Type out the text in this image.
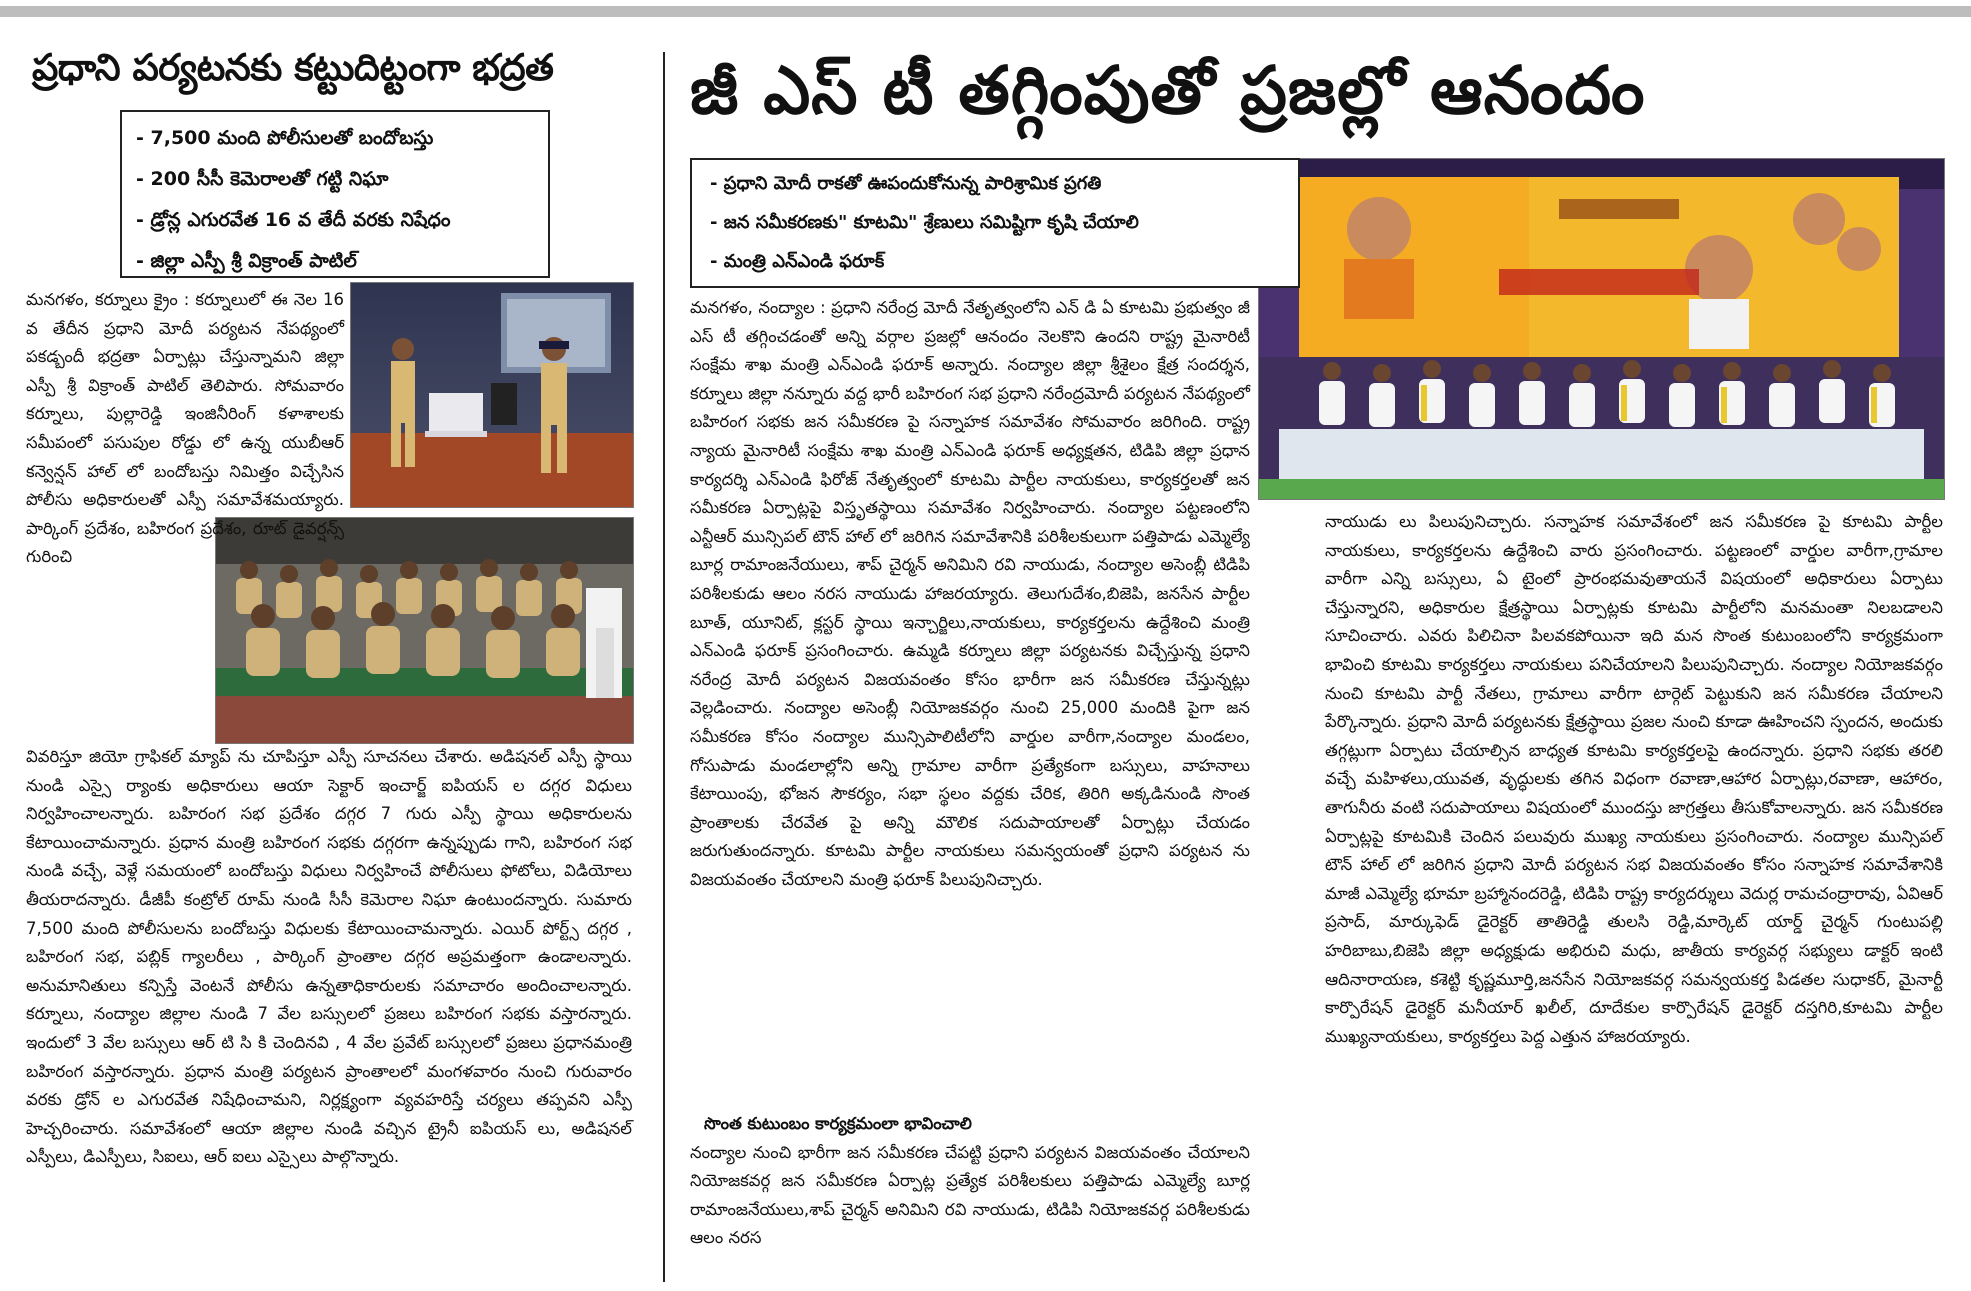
ప్రధాని పర్యటనకు కట్టుదిట్టంగా భద్రత
- 7,500 మంది పోలీసులతో బందోబస్తు
- 200 సీసీ కెమెరాలతో గట్టి నిఘా
- డ్రోన్ల ఎగురవేత 16 వ తేదీ వరకు నిషేధం
- జిల్లా ఎస్పీ శ్రీ విక్రాంత్ పాటిల్

మనగళం, కర్నూలు క్రైం : కర్నూలులో ఈ నెల 16 వ తేదీన ప్రధాని మోదీ పర్యటన నేపథ్యంలో పకడ్బందీ భద్రతా ఏర్పాట్లు చేస్తున్నామని జిల్లా ఎస్పీ శ్రీ విక్రాంత్ పాటిల్ తెలిపారు. సోమవారం కర్నూలు, పుల్లారెడ్డి ఇంజినీరింగ్ కళాశాలకు సమీపంలో పసుపుల రోడ్డు లో ఉన్న యుబీఆర్ కన్వెన్షన్ హాల్ లో బందోబస్తు నిమిత్తం విచ్చేసిన పోలీసు అధికారులతో ఎస్పీ సమావేశమయ్యారు. పార్కింగ్ ప్రదేశం, బహిరంగ ప్రదేశం, రూట్ డైవర్షన్స్ గురించి

వివరిస్తూ జియో గ్రాఫికల్ మ్యాప్ ను చూపిస్తూ ఎస్పీ సూచనలు చేశారు. అడిషనల్ ఎస్పీ స్థాయి నుండి ఎస్సై ర్యాంకు అధికారులు ఆయా సెక్టార్ ఇంచార్జ్ ఐపియస్ ల దగ్గర విధులు నిర్వహించాలన్నారు. బహిరంగ సభ ప్రదేశం దగ్గర 7 గురు ఎస్పీ స్థాయి అధికారులను కేటాయించామన్నారు. ప్రధాన మంత్రి బహిరంగ సభకు దగ్గరగా ఉన్నప్పుడు గాని, బహిరంగ సభ నుండి వచ్చే, వెళ్లే సమయంలో బందోబస్తు విధులు నిర్వహించే పోలీసులు ఫోటోలు, విడియోలు తీయరాదన్నారు. డీజీపీ కంట్రోల్ రూమ్ నుండి సీసీ కెమెరాల నిఘా ఉంటుందన్నారు. సుమారు 7,500 మంది పోలీసులను బందోబస్తు విధులకు కేటాయించామన్నారు. ఎయిర్ పోర్ట్స్ దగ్గర , బహిరంగ సభ, పబ్లిక్ గ్యాలరీలు , పార్కింగ్ ప్రాంతాల దగ్గర అప్రమత్తంగా ఉండాలన్నారు. అనుమానితులు కన్పిస్తే వెంటనే పోలీసు ఉన్నతాధికారులకు సమాచారం అందించాలన్నారు. కర్నూలు, నంద్యాల జిల్లాల నుండి 7 వేల బస్సులలో ప్రజలు బహిరంగ సభకు వస్తారన్నారు. ఇందులో 3 వేల బస్సులు ఆర్ టి సి కి చెందినవి , 4 వేల ప్రవేట్ బస్సులలో ప్రజలు ప్రధానమంత్రి బహిరంగ వస్తారన్నారు. ప్రధాన మంత్రి పర్యటన ప్రాంతాలలో మంగళవారం నుంచి గురువారం వరకు డ్రోన్ ల ఎగురవేత నిషేధించామని, నిర్లక్ష్యంగా వ్యవహరిస్తే చర్యలు తప్పవని ఎస్పీ హెచ్చరించారు. సమావేశంలో ఆయా జిల్లాల నుండి వచ్చిన ట్రైనీ ఐపియస్ లు, అడిషనల్ ఎస్పీలు, డిఎస్పీలు, సిఐలు, ఆర్ ఐలు ఎస్సైలు పాల్గొన్నారు.

జీ ఎస్ టీ తగ్గింపుతో ప్రజల్లో ఆనందం
- ప్రధాని మోదీ రాకతో ఊపందుకోనున్న పారిశ్రామిక ప్రగతి
- జన సమీకరణకు" కూటమి" శ్రేణులు సమిష్టిగా కృషి చేయాలి
- మంత్రి ఎన్ఎండి ఫరూక్

మనగళం, నంద్యాల : ప్రధాని నరేంద్ర మోదీ నేతృత్వంలోని ఎన్ డి ఏ కూటమి ప్రభుత్వం జీ ఎస్ టీ తగ్గించడంతో అన్ని వర్గాల ప్రజల్లో ఆనందం నెలకొని ఉందని రాష్ట్ర మైనారిటీ సంక్షేమ శాఖ మంత్రి ఎన్ఎండి ఫరూక్ అన్నారు. నంద్యాల జిల్లా శ్రీశైలం క్షేత్ర సందర్శన, కర్నూలు జిల్లా నన్నూరు వద్ద భారీ బహిరంగ సభ ప్రధాని నరేంద్రమోదీ పర్యటన నేపథ్యంలో బహిరంగ సభకు జన సమీకరణ పై సన్నాహక సమావేశం సోమవారం జరిగింది. రాష్ట్ర న్యాయ మైనారిటీ సంక్షేమ శాఖ మంత్రి ఎన్ఎండి ఫరూక్ అధ్యక్షతన, టిడిపి జిల్లా ప్రధాన కార్యదర్శి ఎన్ఎండి ఫిరోజ్ నేతృత్వంలో కూటమి పార్టీల నాయకులు, కార్యకర్తలతో జన సమీకరణ ఏర్పాట్లపై విస్తృతస్థాయి సమావేశం నిర్వహించారు. నంద్యాల పట్టణంలోని ఎన్టీఆర్ మున్సిపల్ టౌన్ హాల్ లో జరిగిన సమావేశానికి పరిశీలకులుగా పత్తిపాడు ఎమ్మెల్యే బూర్ల రామాంజనేయులు, శాప్ చైర్మన్ అనిమిని రవి నాయుడు, నంద్యాల అసెంబ్లీ టిడిపి పరిశీలకుడు ఆలం నరస నాయుడు హాజరయ్యారు. తెలుగుదేశం,బిజెపి, జనసేన పార్టీల బూత్, యూనిట్, క్లస్టర్ స్థాయి ఇన్చార్జిలు,నాయకులు, కార్యకర్తలను ఉద్దేశించి మంత్రి ఎన్ఎండి ఫరూక్ ప్రసంగించారు. ఉమ్మడి కర్నూలు జిల్లా పర్యటనకు విచ్చేస్తున్న ప్రధాని నరేంద్ర మోదీ పర్యటన విజయవంతం కోసం భారీగా జన సమీకరణ చేస్తున్నట్లు వెల్లడించారు. నంద్యాల అసెంబ్లీ నియోజకవర్గం నుంచి 25,000 మందికి పైగా జన సమీకరణ కోసం నంద్యాల మున్సిపాలిటీలోని వార్డుల వారీగా,నంద్యాల మండలం, గోసుపాడు మండలాల్లోని అన్ని గ్రామాల వారీగా ప్రత్యేకంగా బస్సులు, వాహనాలు కేటాయింపు, భోజన సౌకర్యం, సభా స్థలం వద్దకు చేరిక, తిరిగి అక్కడినుండి సొంత ప్రాంతాలకు చేరవేత పై అన్ని మౌలిక సదుపాయాలతో ఏర్పాట్లు చేయడం జరుగుతుందన్నారు. కూటమి పార్టీల నాయకులు సమన్వయంతో ప్రధాని పర్యటన ను విజయవంతం చేయాలని మంత్రి ఫరూక్ పిలుపునిచ్చారు.

సొంత కుటుంబం కార్యక్రమంలా భావించాలి

నంద్యాల నుంచి భారీగా జన సమీకరణ చేపట్టి ప్రధాని పర్యటన విజయవంతం చేయాలని నియోజకవర్గ జన సమీకరణ ఏర్పాట్ల ప్రత్యేక పరిశీలకులు పత్తిపాడు ఎమ్మెల్యే బూర్ల రామాంజనేయులు,శాప్ చైర్మన్ అనిమిని రవి నాయుడు, టిడిపి నియోజకవర్గ పరిశీలకుడు ఆలం నరస

నాయుడు లు పిలుపునిచ్చారు. సన్నాహక సమావేశంలో జన సమీకరణ పై కూటమి పార్టీల నాయకులు, కార్యకర్తలను ఉద్దేశించి వారు ప్రసంగించారు. పట్టణంలో వార్డుల వారీగా,గ్రామాల వారీగా ఎన్ని బస్సులు, ఏ టైంలో ప్రారంభమవుతాయనే విషయంలో అధికారులు ఏర్పాటు చేస్తున్నారని, అధికారుల క్షేత్రస్థాయి ఏర్పాట్లకు కూటమి పార్టీలోని మనమంతా నిలబడాలని సూచించారు. ఎవరు పిలిచినా పిలవకపోయినా ఇది మన సొంత కుటుంబంలోని కార్యక్రమంగా భావించి కూటమి కార్యకర్తలు నాయకులు పనిచేయాలని పిలుపునిచ్చారు. నంద్యాల నియోజకవర్గం నుంచి కూటమి పార్టీ నేతలు, గ్రామాలు వారీగా టార్గెట్ పెట్టుకుని జన సమీకరణ చేయాలని పేర్కొన్నారు. ప్రధాని మోదీ పర్యటనకు క్షేత్రస్థాయి ప్రజల నుంచి కూడా ఊహించని స్పందన, అందుకు తగ్గట్లుగా ఏర్పాటు చేయాల్సిన బాధ్యత కూటమి కార్యకర్తలపై ఉందన్నారు. ప్రధాని సభకు తరలి వచ్చే మహిళలు,యువత, వృద్ధులకు తగిన విధంగా రవాణా,ఆహార ఏర్పాట్లు,రవాణా, ఆహారం, తాగునీరు వంటి సదుపాయాలు విషయంలో ముందస్తు జాగ్రత్తలు తీసుకోవాలన్నారు. జన సమీకరణ ఏర్పాట్లపై కూటమికి చెందిన పలువురు ముఖ్య నాయకులు ప్రసంగించారు. నంద్యాల మున్సిపల్ టౌన్ హాల్ లో జరిగిన ప్రధాని మోదీ పర్యటన సభ విజయవంతం కోసం సన్నాహక సమావేశానికి మాజీ ఎమ్మెల్యే భూమా బ్రహ్మానందరెడ్డి, టిడిపి రాష్ట్ర కార్యదర్శులు వెదుర్ల రామచంద్రారావు, ఏవిఆర్ ప్రసాద్, మార్కుఫెడ్ డైరెక్టర్ తాతిరెడ్డి తులసి రెడ్డి,మార్కెట్ యార్డ్ చైర్మన్ గుంటుపల్లి హరిబాబు,బిజెపి జిల్లా అధ్యక్షుడు అభిరుచి మధు, జాతీయ కార్యవర్గ సభ్యులు డాక్టర్ ఇంటి ఆదినారాయణ, కశెట్టి కృష్ణమూర్తి,జనసేన నియోజకవర్గ సమన్వయకర్త పిడతల సుధాకర్, మైనార్టీ కార్పొరేషన్ డైరెక్టర్ మనీయార్ ఖలీల్, దూదేకుల కార్పొరేషన్ డైరెక్టర్ దస్తగిరి,కూటమి పార్టీల ముఖ్యనాయకులు, కార్యకర్తలు పెద్ద ఎత్తున హాజరయ్యారు.
